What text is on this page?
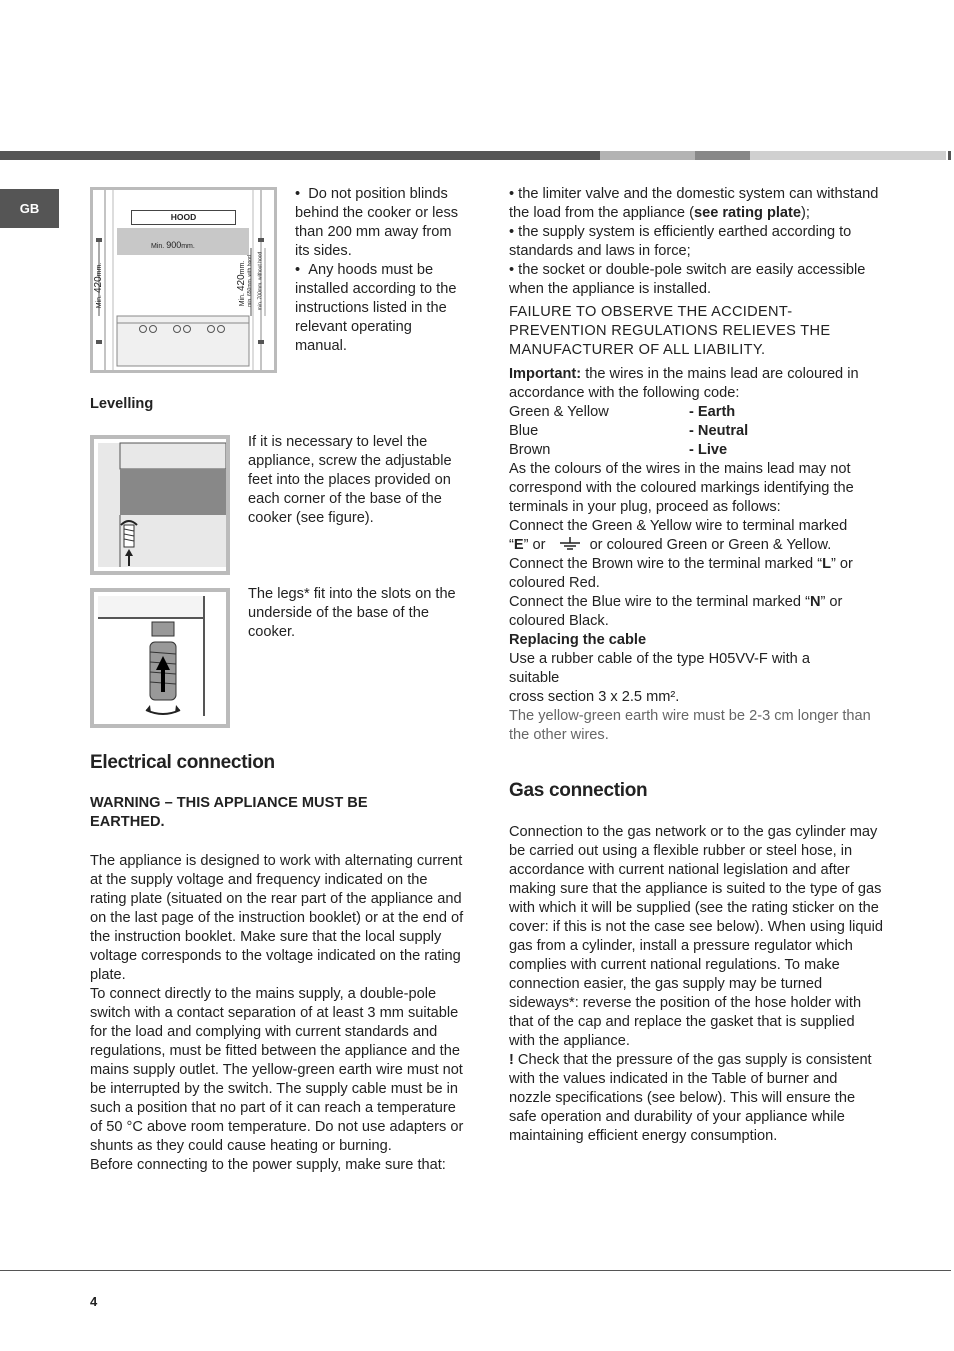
GB
HOOD
Min. 900mm.
Min. 420mm.
Min. 420mm. min. 650mm. with hood min. 700mm. without hood
•  Do not position blinds behind the cooker or less than 200 mm away from its sides.
•  Any hoods must be installed according to the instructions listed in the relevant operating manual.
Levelling
If it is necessary to level the appliance, screw the adjustable feet into the places provided on each corner of the base of the cooker (see figure).
The legs* fit into the slots on the underside of the base of the cooker.
Electrical connection
WARNING – THIS APPLIANCE MUST BE EARTHED.

The appliance is designed to work with alternating current at the supply voltage and frequency indicated on the rating plate (situated on the rear part of the appliance and on the last page of the instruction booklet) or at the end of the instruction booklet. Make sure that the local supply voltage corresponds to the voltage indicated on the rating plate.

To connect directly to the mains supply, a double-pole switch with a contact separation of at least 3 mm suitable for the load and complying with current standards and regulations, must be fitted between the appliance and the mains supply outlet. The yellow-green earth wire must not be interrupted by the switch. The supply cable must be in such a position that no part of it can reach a temperature of 50 °C above room temperature. Do not use adapters or shunts as they could cause heating or burning.

Before connecting to the power supply, make sure that:

• the limiter valve and the domestic system can withstand the load from the appliance (see rating plate);

• the supply system is efficiently earthed according to standards and laws in force;

• the socket or double-pole switch are easily accessible when the appliance is installed.

FAILURE TO OBSERVE THE ACCIDENT-PREVENTION REGULATIONS RELIEVES THE MANUFACTURER OF ALL LIABILITY.

Important: the wires in the mains lead are coloured in accordance with the following code:

Green & Yellow	- Earth
Blue	- Neutral
Brown	- Live

As the colours of the wires in the mains lead may not correspond with the coloured markings identifying the terminals in your plug, proceed as follows:

Connect the Green & Yellow wire to terminal marked
“E” or	or coloured Green or Green & Yellow.

Connect the Brown wire to the terminal marked “L” or coloured Red.

Connect the Blue wire to the terminal marked “N” or coloured Black.

Replacing the cable

Use a rubber cable of the type H05VV-F with a suitable

cross section 3 x 2.5 mm².

The yellow-green earth wire must be 2-3 cm longer than the other wires.

Gas connection

Connection to the gas network or to the gas cylinder may be carried out using a flexible rubber or steel hose, in accordance with current national legislation and after making sure that the appliance is suited to the type of gas with which it will be supplied (see the rating sticker on the cover: if this is not the case see below). When using liquid gas from a cylinder, install a pressure regulator which complies with current national regulations. To make connection easier, the gas supply may be turned sideways*: reverse the position of the hose holder with that of the cap and replace the gasket that is supplied with the appliance.

! Check that the pressure of the gas supply is consistent with the values indicated in the Table of burner and nozzle specifications (see below). This will ensure the safe operation and durability of your appliance while maintaining efficient energy consumption.

4
